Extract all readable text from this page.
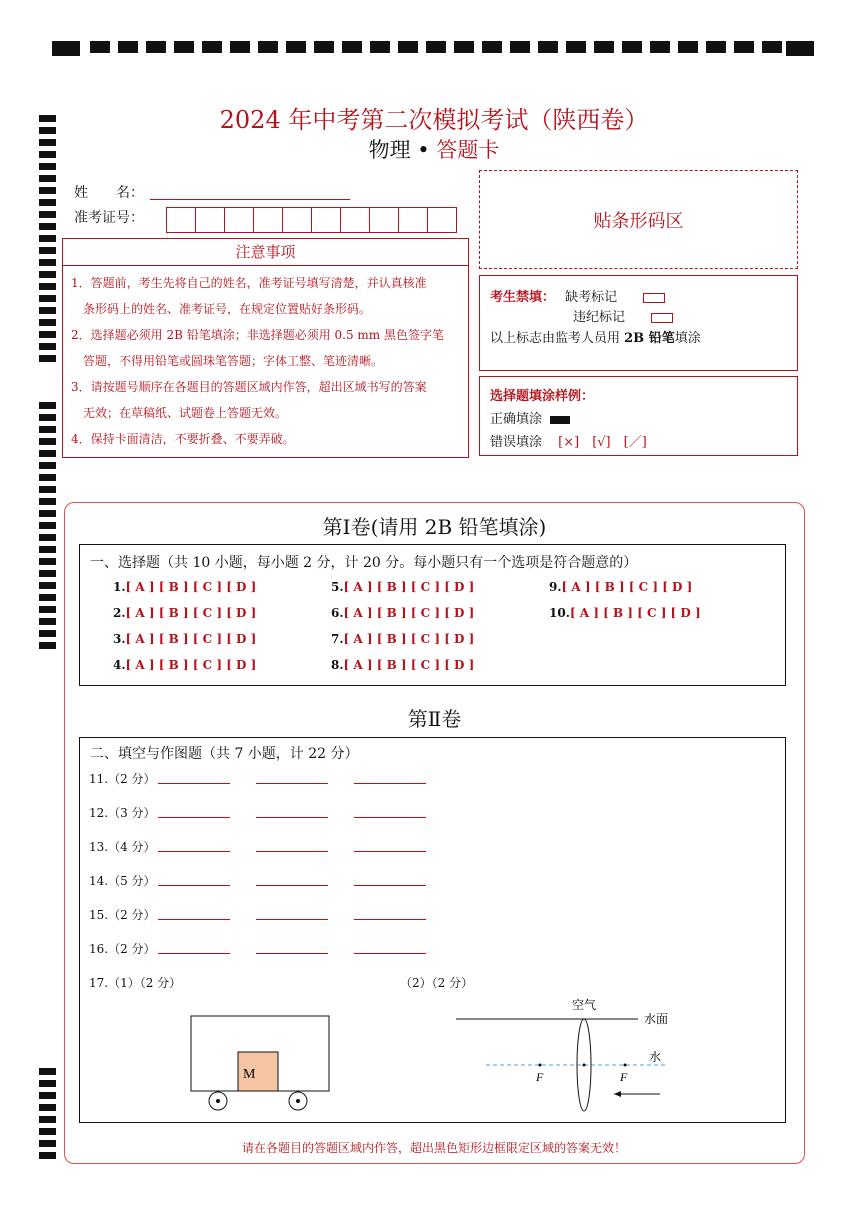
2024 年中考第二次模拟考试（陕西卷）
物理 • 答题卡
姓　　名：
准考证号：	贴条形码区
注意事项

1．答题前，考生先将自己的姓名，准考证号填写清楚，并认真核准

　条形码上的姓名、准考证号，在规定位置贴好条形码。

2．选择题必须用 2B 铅笔填涂；非选择题必须用 0.5 mm 黑色签字笔

　答题，不得用铅笔或圆珠笔答题；字体工整、笔迹清晰。

3．请按题号顺序在各题目的答题区域内作答，超出区域书写的答案

　无效；在草稿纸、试题卷上答题无效。

4．保持卡面清洁，不要折叠、不要弄破。

考生禁填： 缺考标记
违纪标记
以上标志由监考人员用 2B 铅笔填涂
选择题填涂样例：
正确填涂
错误填涂 [×]　[√]　[／]
第Ⅰ卷(请用 2B 铅笔填涂)
一、选择题（共 10 小题，每小题 2 分，计 20 分。每小题只有一个选项是符合题意的）
1.[ A ] [ B ] [ C ] [ D ]
2.[ A ] [ B ] [ C ] [ D ]
3.[ A ] [ B ] [ C ] [ D ]
4.[ A ] [ B ] [ C ] [ D ]
5.[ A ] [ B ] [ C ] [ D ]
6.[ A ] [ B ] [ C ] [ D ]
7.[ A ] [ B ] [ C ] [ D ]
8.[ A ] [ B ] [ C ] [ D ]
9.[ A ] [ B ] [ C ] [ D ]
10.[ A ] [ B ] [ C ] [ D ]
第Ⅱ卷
二、填空与作图题（共 7 小题，计 22 分）
11.（2 分）
12.（3 分）
13.（4 分）
14.（5 分）
15.（2 分）
16.（2 分）
17.（1）（2 分）	（2）（2 分）
M
空气
水面
水
F	F
请在各题目的答题区域内作答，超出黑色矩形边框限定区域的答案无效！
